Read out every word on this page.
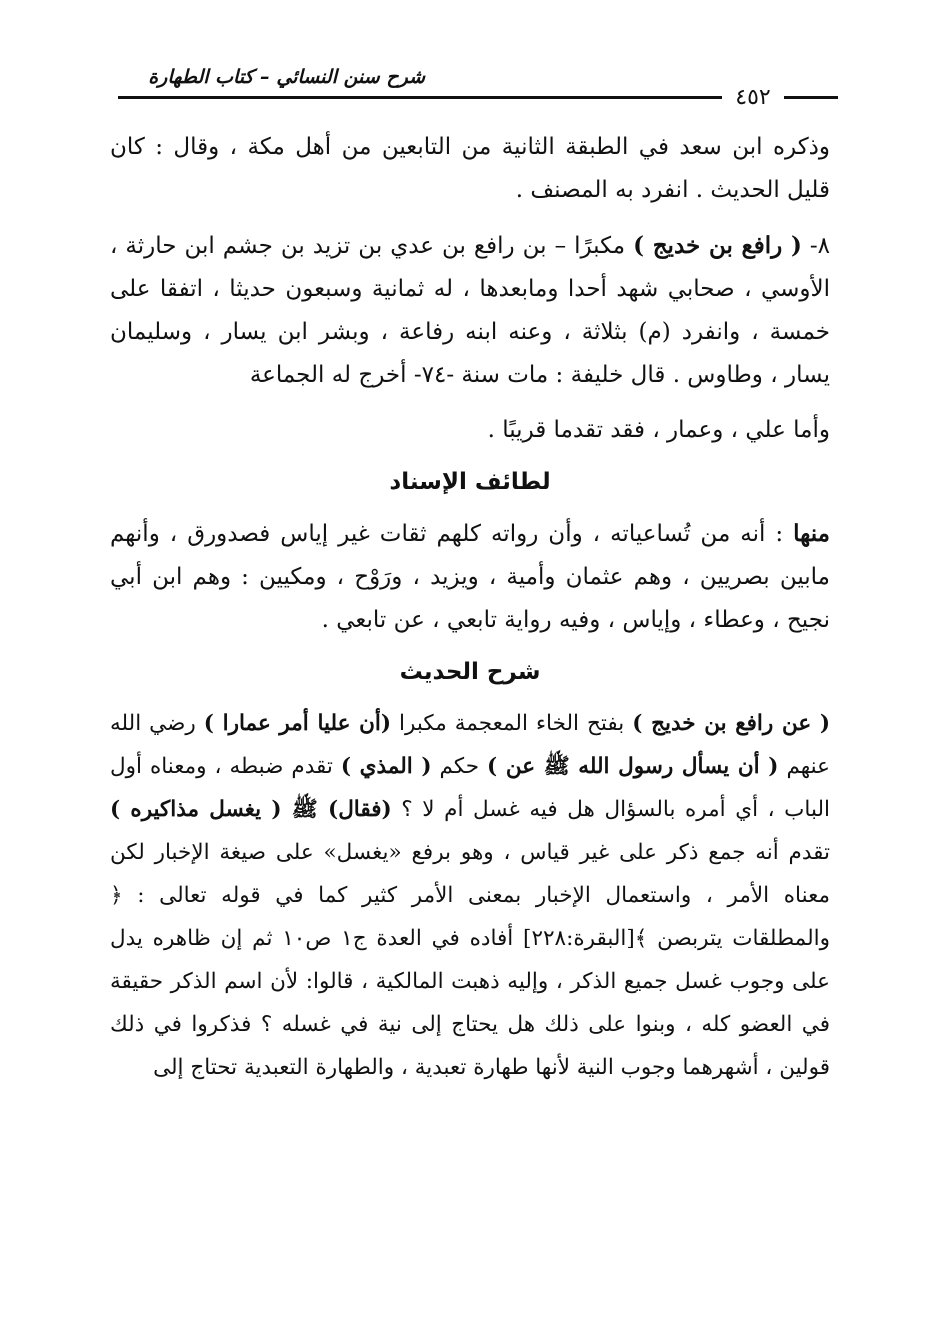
شرح سنن النسائي – كتاب الطهارة
٤٥٢

وذكره ابن سعد في الطبقة الثانية من التابعين من أهل مكة ، وقال : كان قليل الحديث . انفرد به المصنف .

٨- ( رافع بن خديج ) مكبرًا – بن رافع بن عدي بن تزيد بن جشم ابن حارثة ، الأوسي ، صحابي شهد أحدا ومابعدها ، له ثمانية وسبعون حديثا ، اتفقا على خمسة ، وانفرد (م) بثلاثة ، وعنه ابنه رفاعة ، وبشر ابن يسار ، وسليمان يسار ، وطاوس . قال خليفة : مات سنة -٧٤- أخرج له الجماعة

وأما علي ، وعمار ، فقد تقدما قريبًا .

لطائف الإسناد

منها : أنه من تُساعياته ، وأن رواته كلهم ثقات غير إياس فصدورق ، وأنهم مابين بصريين ، وهم عثمان وأمية ، ويزيد ، ورَوْح ، ومكيين : وهم ابن أبي نجيح ، وعطاء ، وإياس ، وفيه رواية تابعي ، عن تابعي .

شرح الحديث

( عن رافع بن خديج ) بفتح الخاء المعجمة مكبرا (أن عليا أمر عمارا ) رضي الله عنهم ( أن يسأل رسول الله ﷺ عن ) حكم ( المذي ) تقدم ضبطه ، ومعناه أول الباب ، أي أمره بالسؤال هل فيه غسل أم لا ؟ (فقال) ﷺ ( يغسل مذاكيره ) تقدم أنه جمع ذكر على غير قياس ، وهو برفع «يغسل» على صيغة الإخبار لكن معناه الأمر ، واستعمال الإخبار بمعنى الأمر كثير كما في قوله تعالى : ﴿ والمطلقات يتربصن ﴾[البقرة:٢٢٨] أفاده في العدة ج١ ص١٠ ثم إن ظاهره يدل على وجوب غسل جميع الذكر ، وإليه ذهبت المالكية ، قالوا: لأن اسم الذكر حقيقة في العضو كله ، وبنوا على ذلك هل يحتاج إلى نية في غسله ؟ فذكروا في ذلك قولين ، أشهرهما وجوب النية لأنها طهارة تعبدية ، والطهارة التعبدية تحتاج إلى
